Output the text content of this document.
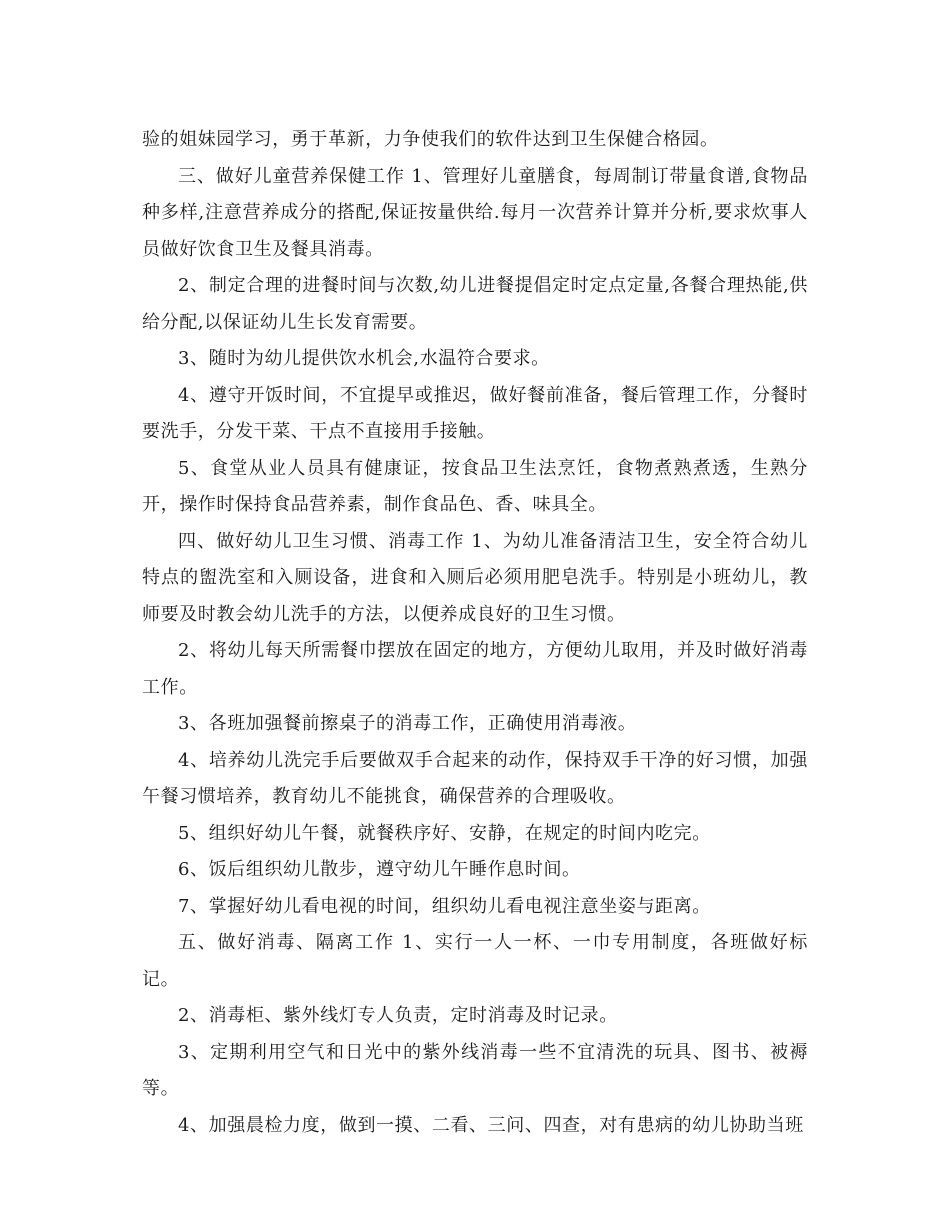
验的姐妹园学习，勇于革新，力争使我们的软件达到卫生保健合格园。

三、做好儿童营养保健工作 1、管理好儿童膳食，每周制订带量食谱,食物品种多样,注意营养成分的搭配,保证按量供给.每月一次营养计算并分析,要求炊事人员做好饮食卫生及餐具消毒。

2、制定合理的进餐时间与次数,幼儿进餐提倡定时定点定量,各餐合理热能,供给分配,以保证幼儿生长发育需要。

3、随时为幼儿提供饮水机会,水温符合要求。

4、遵守开饭时间，不宜提早或推迟，做好餐前准备，餐后管理工作，分餐时要洗手，分发干菜、干点不直接用手接触。

5、食堂从业人员具有健康证，按食品卫生法烹饪，食物煮熟煮透，生熟分开，操作时保持食品营养素，制作食品色、香、味具全。

四、做好幼儿卫生习惯、消毒工作 1、为幼儿准备清洁卫生，安全符合幼儿特点的盥洗室和入厕设备，进食和入厕后必须用肥皂洗手。特别是小班幼儿，教师要及时教会幼儿洗手的方法，以便养成良好的卫生习惯。

2、将幼儿每天所需餐巾摆放在固定的地方，方便幼儿取用，并及时做好消毒工作。

3、各班加强餐前擦桌子的消毒工作，正确使用消毒液。

4、培养幼儿洗完手后要做双手合起来的动作，保持双手干净的好习惯，加强午餐习惯培养，教育幼儿不能挑食，确保营养的合理吸收。

5、组织好幼儿午餐，就餐秩序好、安静，在规定的时间内吃完。

6、饭后组织幼儿散步，遵守幼儿午睡作息时间。

7、掌握好幼儿看电视的时间，组织幼儿看电视注意坐姿与距离。

五、做好消毒、隔离工作 1、实行一人一杯、一巾专用制度，各班做好标记。

2、消毒柜、紫外线灯专人负责，定时消毒及时记录。

3、定期利用空气和日光中的紫外线消毒一些不宜清洗的玩具、图书、被褥等。

4、加强晨检力度，做到一摸、二看、三问、四查，对有患病的幼儿协助当班
